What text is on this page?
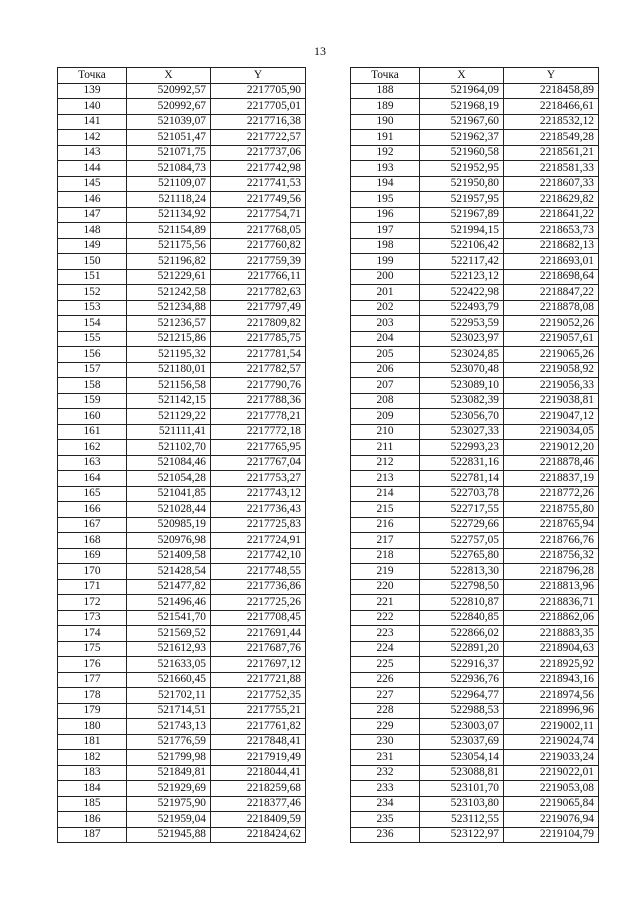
13
Точка	X	Y
139	520992,57	2217705,90
140	520992,67	2217705,01
141	521039,07	2217716,38
142	521051,47	2217722,57
143	521071,75	2217737,06
144	521084,73	2217742,98
145	521109,07	2217741,53
146	521118,24	2217749,56
147	521134,92	2217754,71
148	521154,89	2217768,05
149	521175,56	2217760,82
150	521196,82	2217759,39
151	521229,61	2217766,11
152	521242,58	2217782,63
153	521234,88	2217797,49
154	521236,57	2217809,82
155	521215,86	2217785,75
156	521195,32	2217781,54
157	521180,01	2217782,57
158	521156,58	2217790,76
159	521142,15	2217788,36
160	521129,22	2217778,21
161	521111,41	2217772,18
162	521102,70	2217765,95
163	521084,46	2217767,04
164	521054,28	2217753,27
165	521041,85	2217743,12
166	521028,44	2217736,43
167	520985,19	2217725,83
168	520976,98	2217724,91
169	521409,58	2217742,10
170	521428,54	2217748,55
171	521477,82	2217736,86
172	521496,46	2217725,26
173	521541,70	2217708,45
174	521569,52	2217691,44
175	521612,93	2217687,76
176	521633,05	2217697,12
177	521660,45	2217721,88
178	521702,11	2217752,35
179	521714,51	2217755,21
180	521743,13	2217761,82
181	521776,59	2217848,41
182	521799,98	2217919,49
183	521849,81	2218044,41
184	521929,69	2218259,68
185	521975,90	2218377,46
186	521959,04	2218409,59
187	521945,88	2218424,62
Точка	X	Y
188	521964,09	2218458,89
189	521968,19	2218466,61
190	521967,60	2218532,12
191	521962,37	2218549,28
192	521960,58	2218561,21
193	521952,95	2218581,33
194	521950,80	2218607,33
195	521957,95	2218629,82
196	521967,89	2218641,22
197	521994,15	2218653,73
198	522106,42	2218682,13
199	522117,42	2218693,01
200	522123,12	2218698,64
201	522422,98	2218847,22
202	522493,79	2218878,08
203	522953,59	2219052,26
204	523023,97	2219057,61
205	523024,85	2219065,26
206	523070,48	2219058,92
207	523089,10	2219056,33
208	523082,39	2219038,81
209	523056,70	2219047,12
210	523027,33	2219034,05
211	522993,23	2219012,20
212	522831,16	2218878,46
213	522781,14	2218837,19
214	522703,78	2218772,26
215	522717,55	2218755,80
216	522729,66	2218765,94
217	522757,05	2218766,76
218	522765,80	2218756,32
219	522813,30	2218796,28
220	522798,50	2218813,96
221	522810,87	2218836,71
222	522840,85	2218862,06
223	522866,02	2218883,35
224	522891,20	2218904,63
225	522916,37	2218925,92
226	522936,76	2218943,16
227	522964,77	2218974,56
228	522988,53	2218996,96
229	523003,07	2219002,11
230	523037,69	2219024,74
231	523054,14	2219033,24
232	523088,81	2219022,01
233	523101,70	2219053,08
234	523103,80	2219065,84
235	523112,55	2219076,94
236	523122,97	2219104,79
